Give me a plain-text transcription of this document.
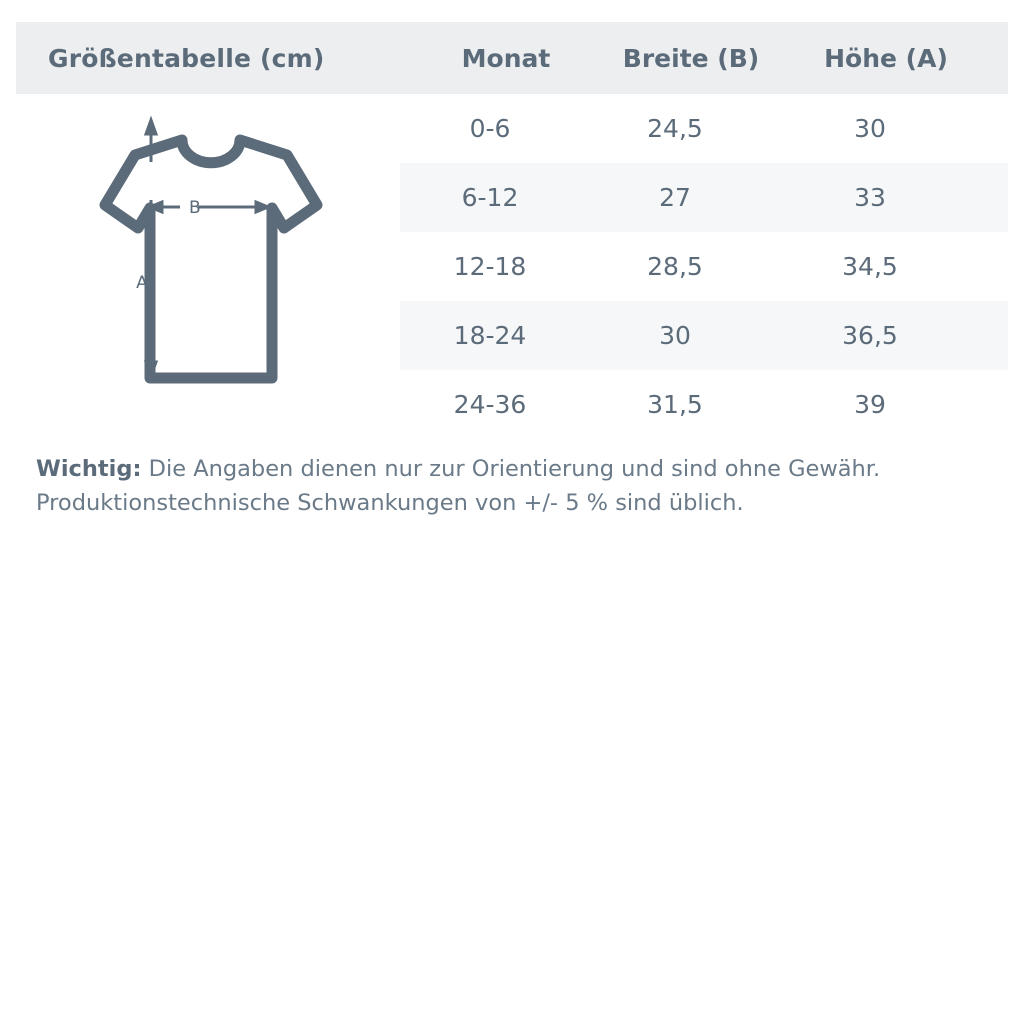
Größentabelle (cm)	Monat	Breite (B)	Höhe (A)
0-6	24,5	30
6-12	27	33
12-18	28,5	34,5
18-24	30	36,5
24-36	31,5	39
B
A
Wichtig: Die Angaben dienen nur zur Orientierung und sind ohne Gewähr.
Produktionstechnische Schwankungen von +/- 5 % sind üblich.
